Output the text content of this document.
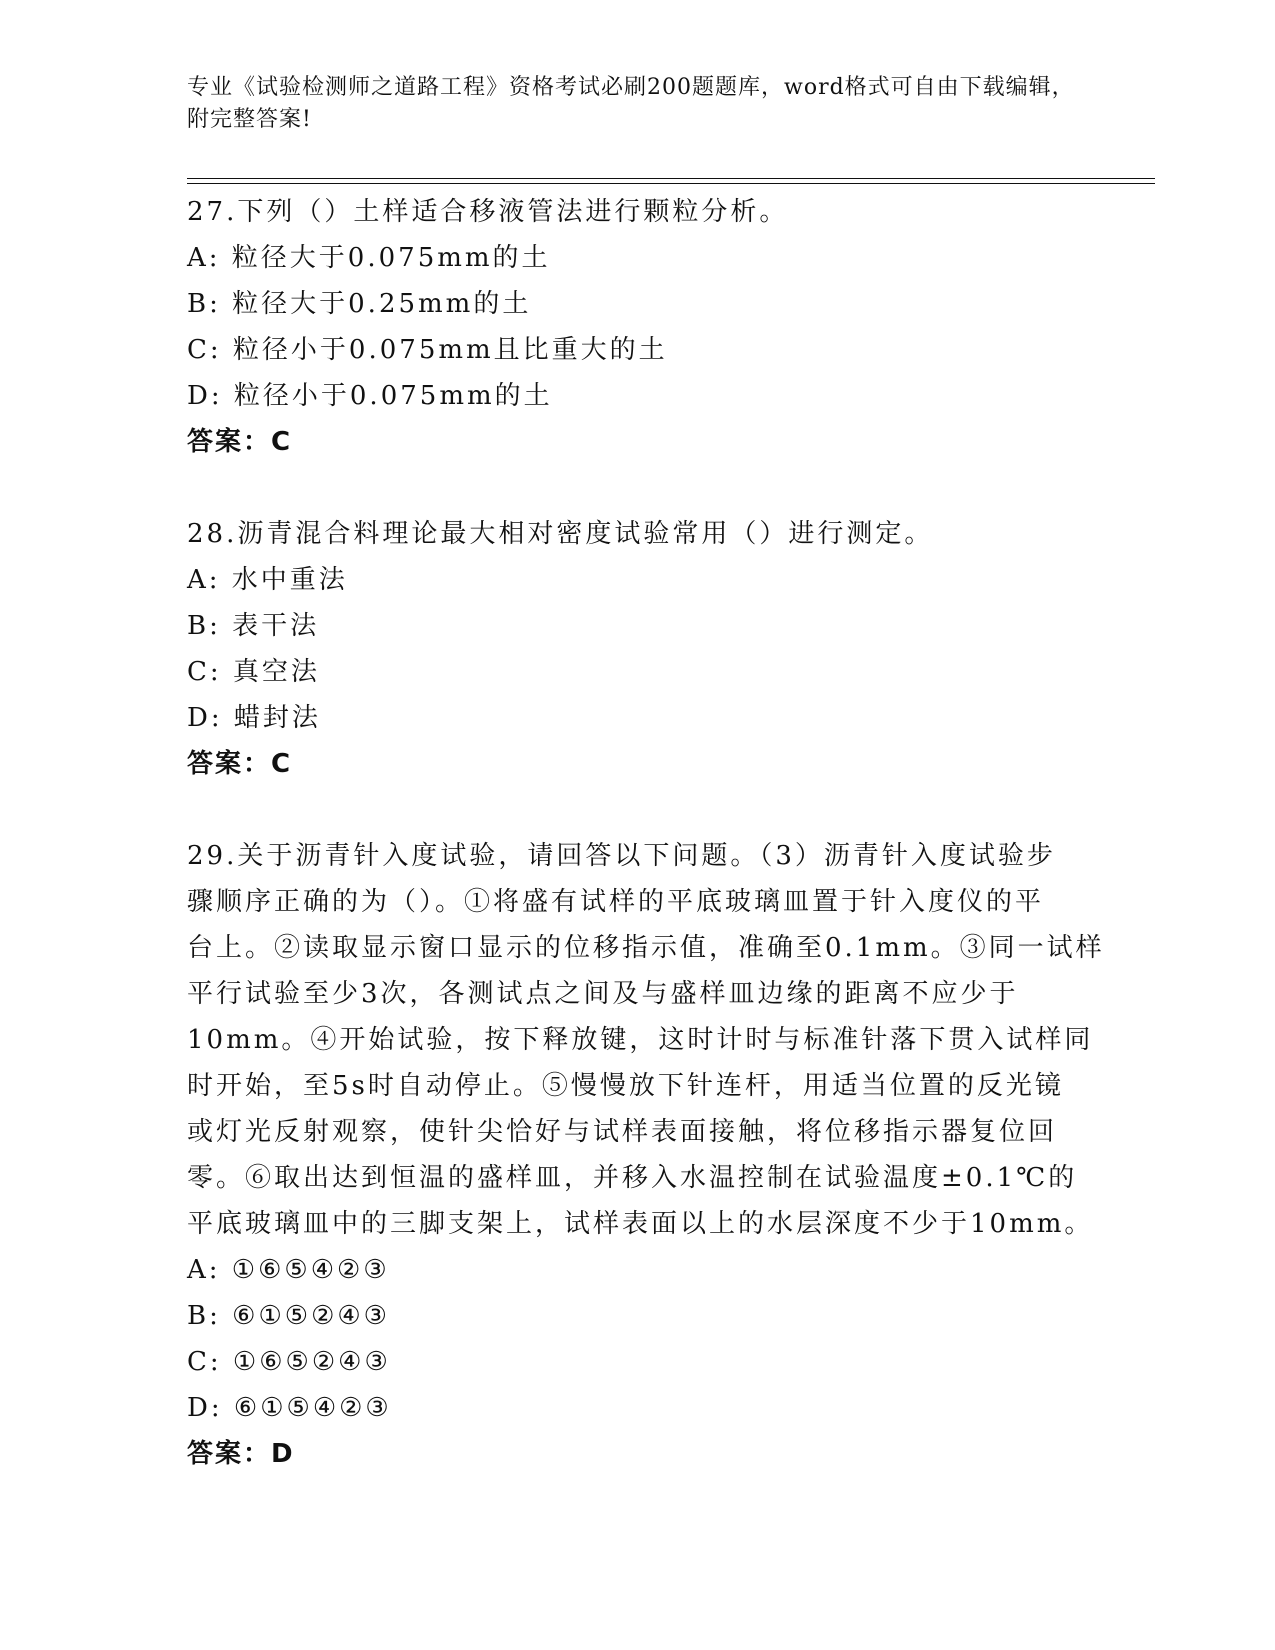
专业《试验检测师之道路工程》资格考试必刷200题题库，word格式可自由下载编辑，附完整答案!
27.下列（）土样适合移液管法进行颗粒分析。
A: 粒径大于0.075mm的土
B: 粒径大于0.25mm的土
C: 粒径小于0.075mm且比重大的土
D: 粒径小于0.075mm的土
答案：C
28.沥青混合料理论最大相对密度试验常用（）进行测定。
A: 水中重法
B: 表干法
C: 真空法
D: 蜡封法
答案：C
29.关于沥青针入度试验，请回答以下问题。（3）沥青针入度试验步
骤顺序正确的为（）。①将盛有试样的平底玻璃皿置于针入度仪的平
台上。②读取显示窗口显示的位移指示值，准确至0.1mm。③同一试样
平行试验至少3次，各测试点之间及与盛样皿边缘的距离不应少于
10mm。④开始试验，按下释放键，这时计时与标准针落下贯入试样同
时开始，至5s时自动停止。⑤慢慢放下针连杆，用适当位置的反光镜
或灯光反射观察，使针尖恰好与试样表面接触，将位移指示器复位回
零。⑥取出达到恒温的盛样皿，并移入水温控制在试验温度±0.1℃的
平底玻璃皿中的三脚支架上，试样表面以上的水层深度不少于10mm。
A: ①⑥⑤④②③
B: ⑥①⑤②④③
C: ①⑥⑤②④③
D: ⑥①⑤④②③
答案：D
